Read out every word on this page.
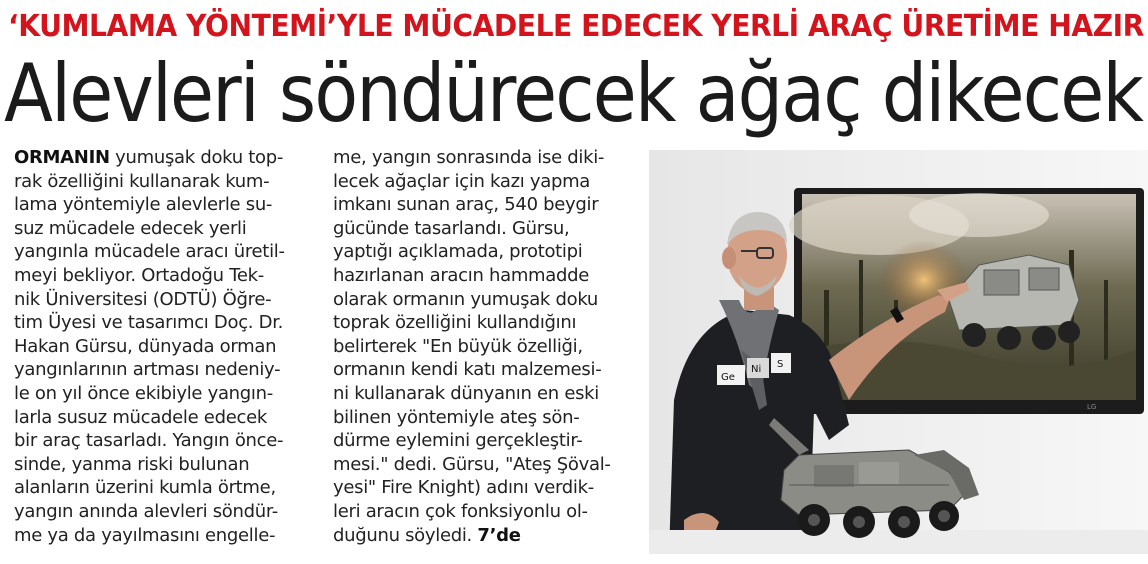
‘KUMLAMA YÖNTEMİ’YLE MÜCADELE EDECEK YERLİ ARAÇ ÜRETİME HAZIR
Alevleri söndürecek ağaç dikecek
ORMANIN yumuşak doku top-
rak özelliğini kullanarak kum-
lama yöntemiyle alevlerle su-
suz mücadele edecek yerli
yangınla mücadele aracı üretil-
meyi bekliyor. Ortadoğu Tek-
nik Üniversitesi (ODTÜ) Öğre-
tim Üyesi ve tasarımcı Doç. Dr.
Hakan Gürsu, dünyada orman
yangınlarının artması nedeniy-
le on yıl önce ekibiyle yangın-
larla susuz mücadele edecek
bir araç tasarladı. Yangın önce-
sinde, yanma riski bulunan
alanların üzerini kumla örtme,
yangın anında alevleri söndür-
me ya da yayılmasını engelle-
me, yangın sonrasında ise diki-
lecek ağaçlar için kazı yapma
imkanı sunan araç, 540 beygir
gücünde tasarlandı. Gürsu,
yaptığı açıklamada, prototipi
hazırlanan aracın hammadde
olarak ormanın yumuşak doku
toprak özelliğini kullandığını
belirterek "En büyük özelliği,
ormanın kendi katı malzemesi-
ni kullanarak dünyanın en eski
bilinen yöntemiyle ateş sön-
dürme eylemini gerçekleştir-
mesi." dedi. Gürsu, "Ateş Şöval-
yesi" Fire Knight) adını verdik-
leri aracın çok fonksiyonlu ol-
duğunu söyledi. 7’de
LG
Ge
Ni S
